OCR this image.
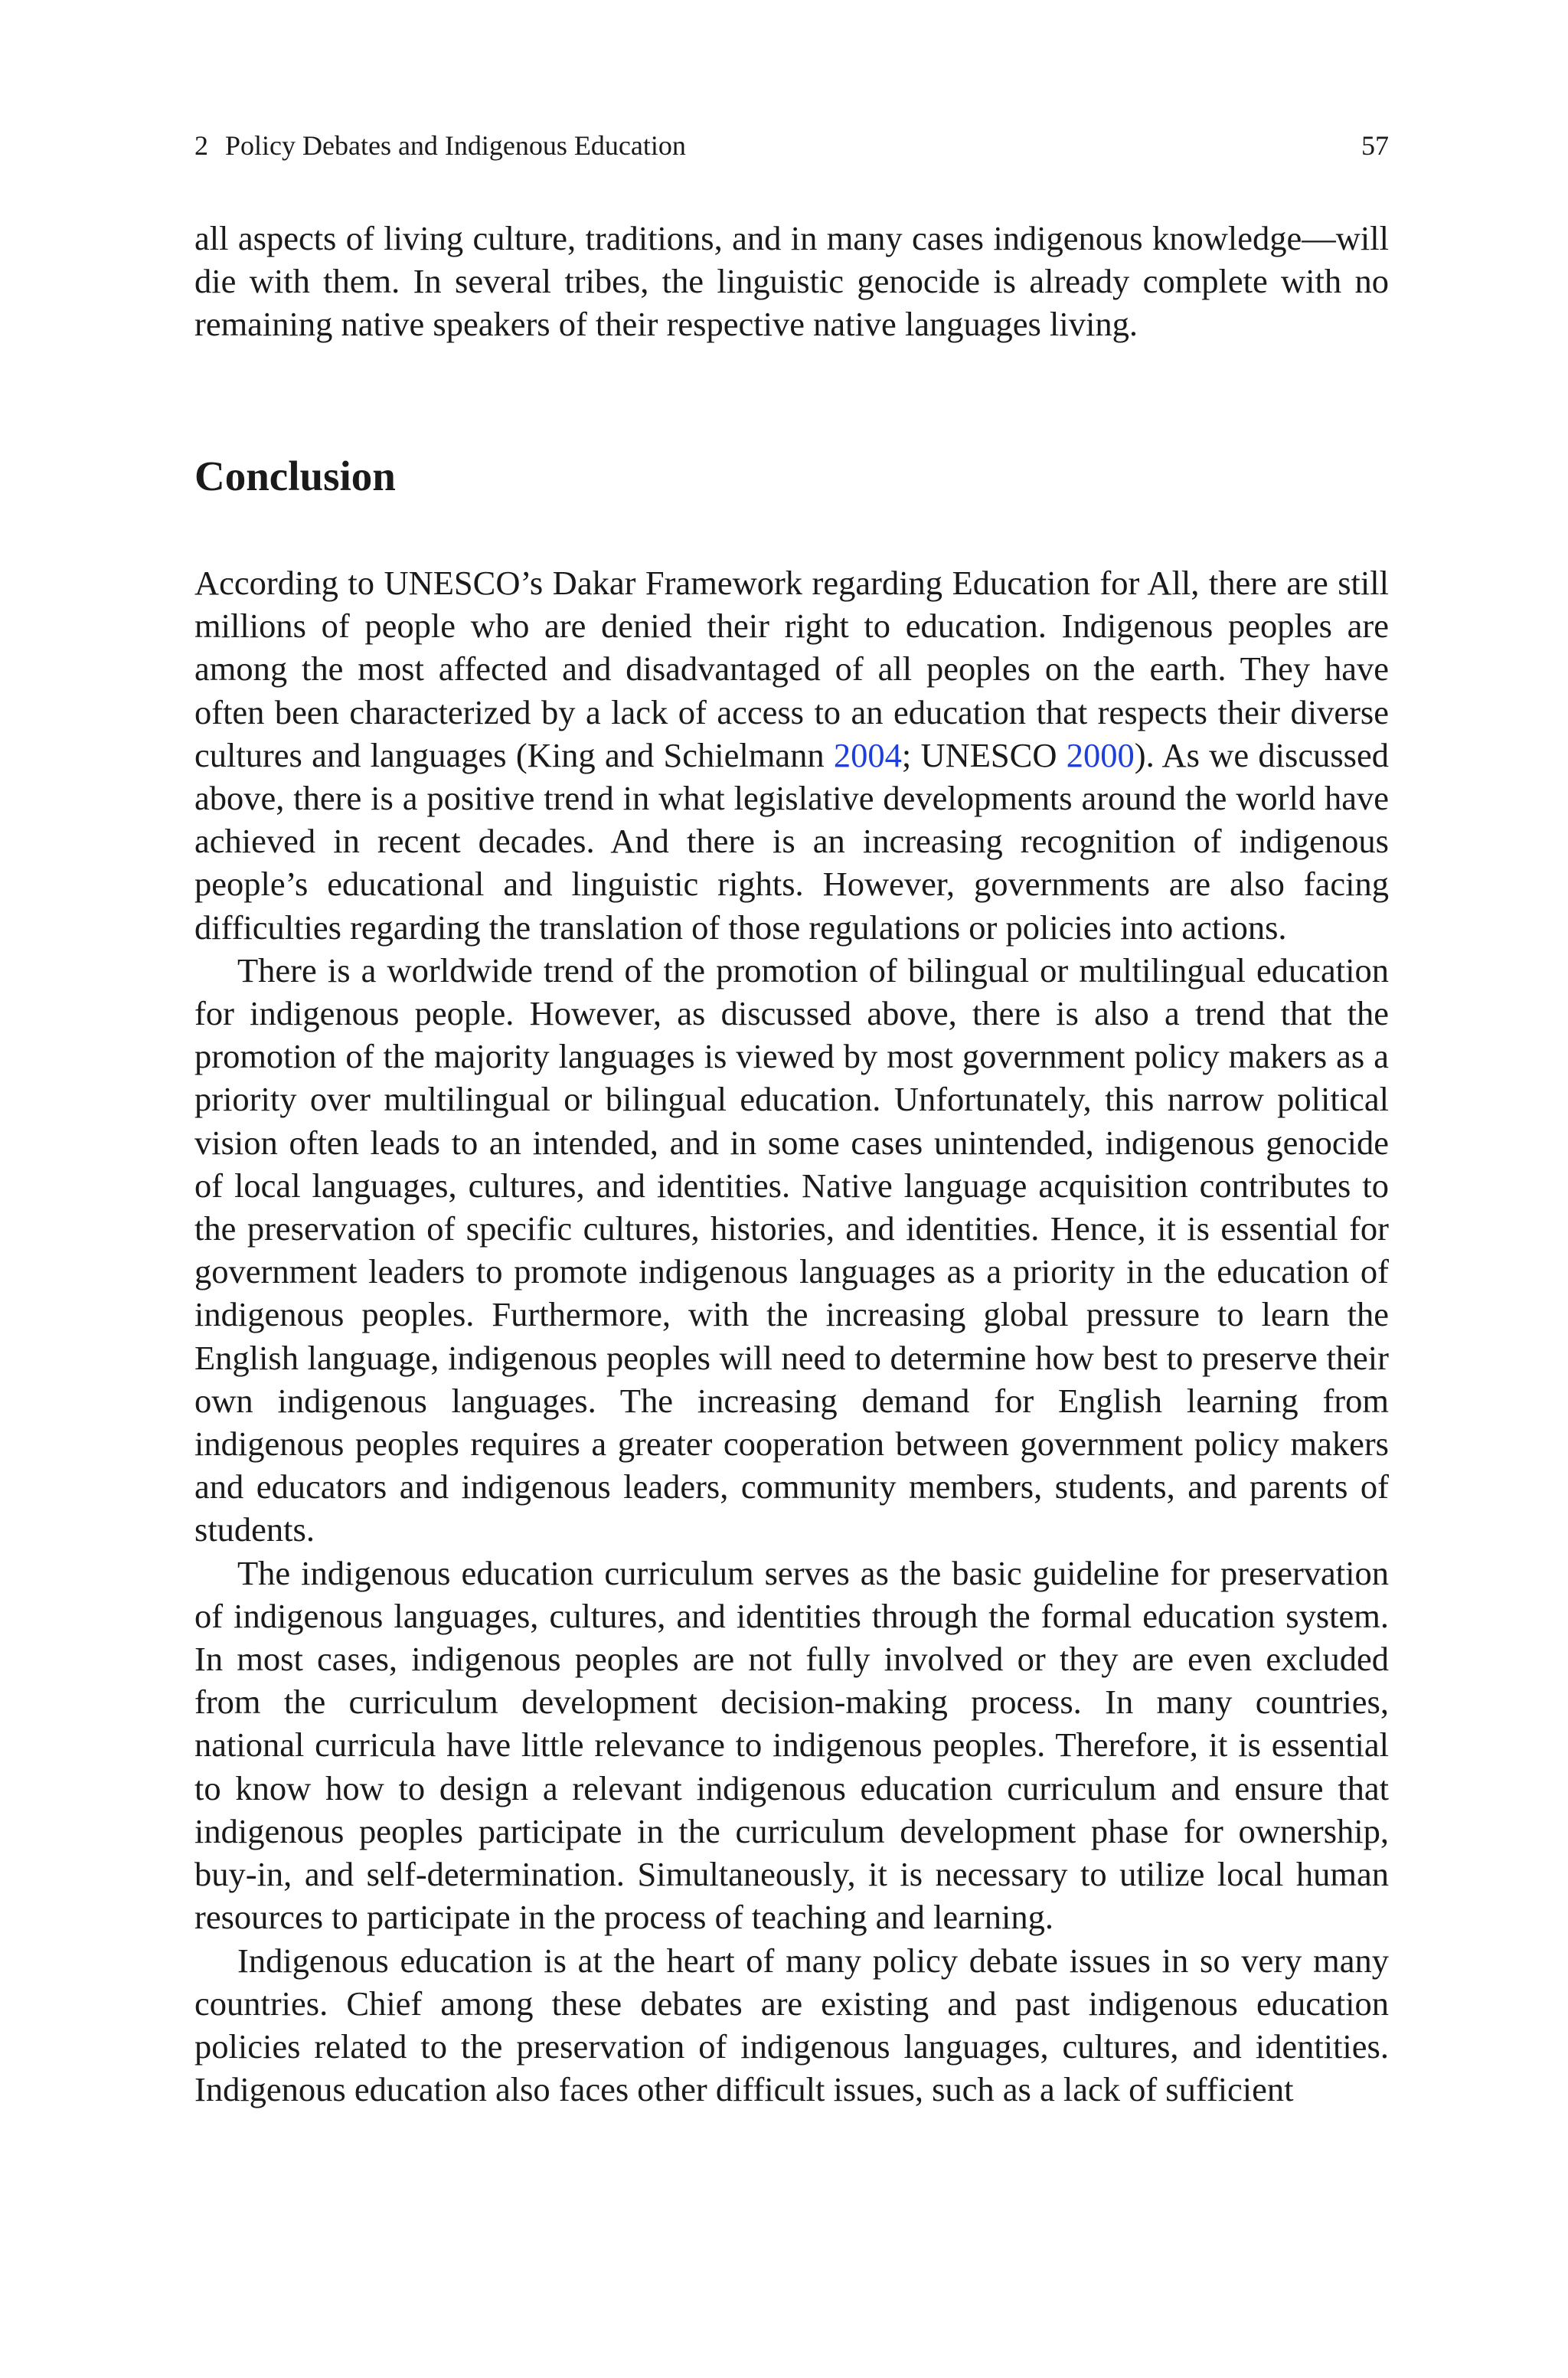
2 Policy Debates and Indigenous Education	57

all aspects of living culture, traditions, and in many cases indigenous knowledge—will die with them. In several tribes, the linguistic genocide is already complete with no remaining native speakers of their respective native languages living.

Conclusion

According to UNESCO’s Dakar Framework regarding Education for All, there are still millions of people who are denied their right to education. Indigenous peoples are among the most affected and disadvantaged of all peoples on the earth. They have often been characterized by a lack of access to an education that respects their diverse cultures and languages (King and Schielmann 2004; UNESCO 2000). As we discussed above, there is a positive trend in what legislative developments around the world have achieved in recent decades. And there is an increasing recognition of indigenous people’s educational and linguistic rights. However, governments are also facing difficulties regarding the translation of those regulations or policies into actions.

There is a worldwide trend of the promotion of bilingual or multilingual education for indigenous people. However, as discussed above, there is also a trend that the promotion of the majority languages is viewed by most government policy makers as a priority over multilingual or bilingual education. Unfortunately, this narrow political vision often leads to an intended, and in some cases unintended, indigenous genocide of local languages, cultures, and identities. Native language acquisition contributes to the preservation of specific cultures, histories, and identities. Hence, it is essential for government leaders to promote indigenous languages as a priority in the education of indigenous peoples. Furthermore, with the increasing global pressure to learn the English language, indigenous peoples will need to determine how best to preserve their own indigenous languages. The increasing demand for English learning from indigenous peoples requires a greater cooperation between government policy makers and educators and indigenous leaders, community members, students, and parents of students.

The indigenous education curriculum serves as the basic guideline for preservation of indigenous languages, cultures, and identities through the formal education system. In most cases, indigenous peoples are not fully involved or they are even excluded from the curriculum development decision-making process. In many countries, national curricula have little relevance to indigenous peoples. Therefore, it is essential to know how to design a relevant indigenous education curriculum and ensure that indigenous peoples participate in the curriculum development phase for ownership, buy-in, and self-determination. Simultaneously, it is necessary to utilize local human resources to participate in the process of teaching and learning.

Indigenous education is at the heart of many policy debate issues in so very many countries. Chief among these debates are existing and past indigenous education policies related to the preservation of indigenous languages, cultures, and identities. Indigenous education also faces other difficult issues, such as a lack of sufficient
